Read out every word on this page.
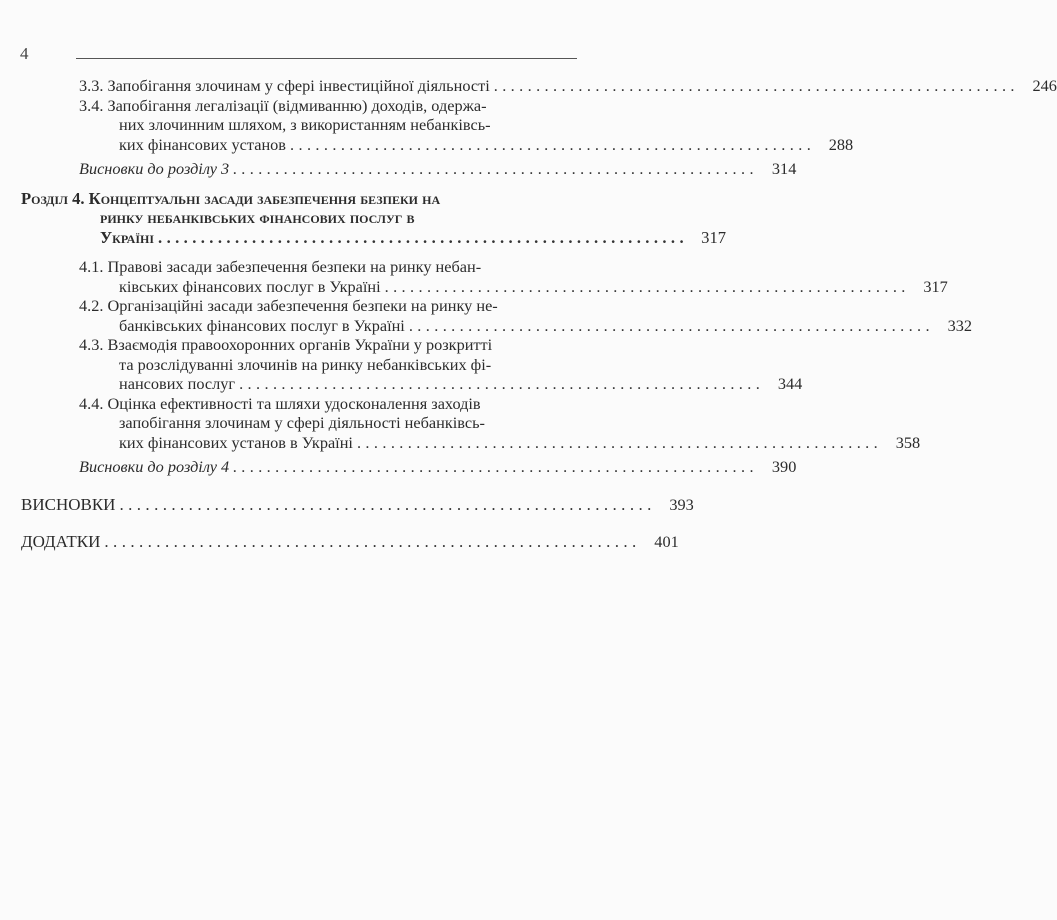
4
3.3. Запобігання злочинам у сфері інвестиційної діяльності .............................................................. 246
3.4. Запобігання легалізації (відмиванню) доходів, одержа-
них злочинним шляхом, з використанням небанківсь-
ких фінансових установ .............................................................. 288
Висновки до розділу 3 .............................................................. 314
Розділ 4. Концептуальні засади забезпечення безпеки на
ринку небанківських фінансових послуг в
Україні .............................................................. 317
4.1. Правові засади забезпечення безпеки на ринку небан-
ківських фінансових послуг в Україні .............................................................. 317
4.2. Організаційні засади забезпечення безпеки на ринку не-
банківських фінансових послуг в Україні .............................................................. 332
4.3. Взаємодія правоохоронних органів України у розкритті
та розслідуванні злочинів на ринку небанківських фі-
нансових послуг .............................................................. 344
4.4. Оцінка ефективності та шляхи удосконалення заходів
запобігання злочинам у сфері діяльності небанківсь-
ких фінансових установ в Україні .............................................................. 358
Висновки до розділу 4 .............................................................. 390
ВИСНОВКИ .............................................................. 393
ДОДАТКИ .............................................................. 401
